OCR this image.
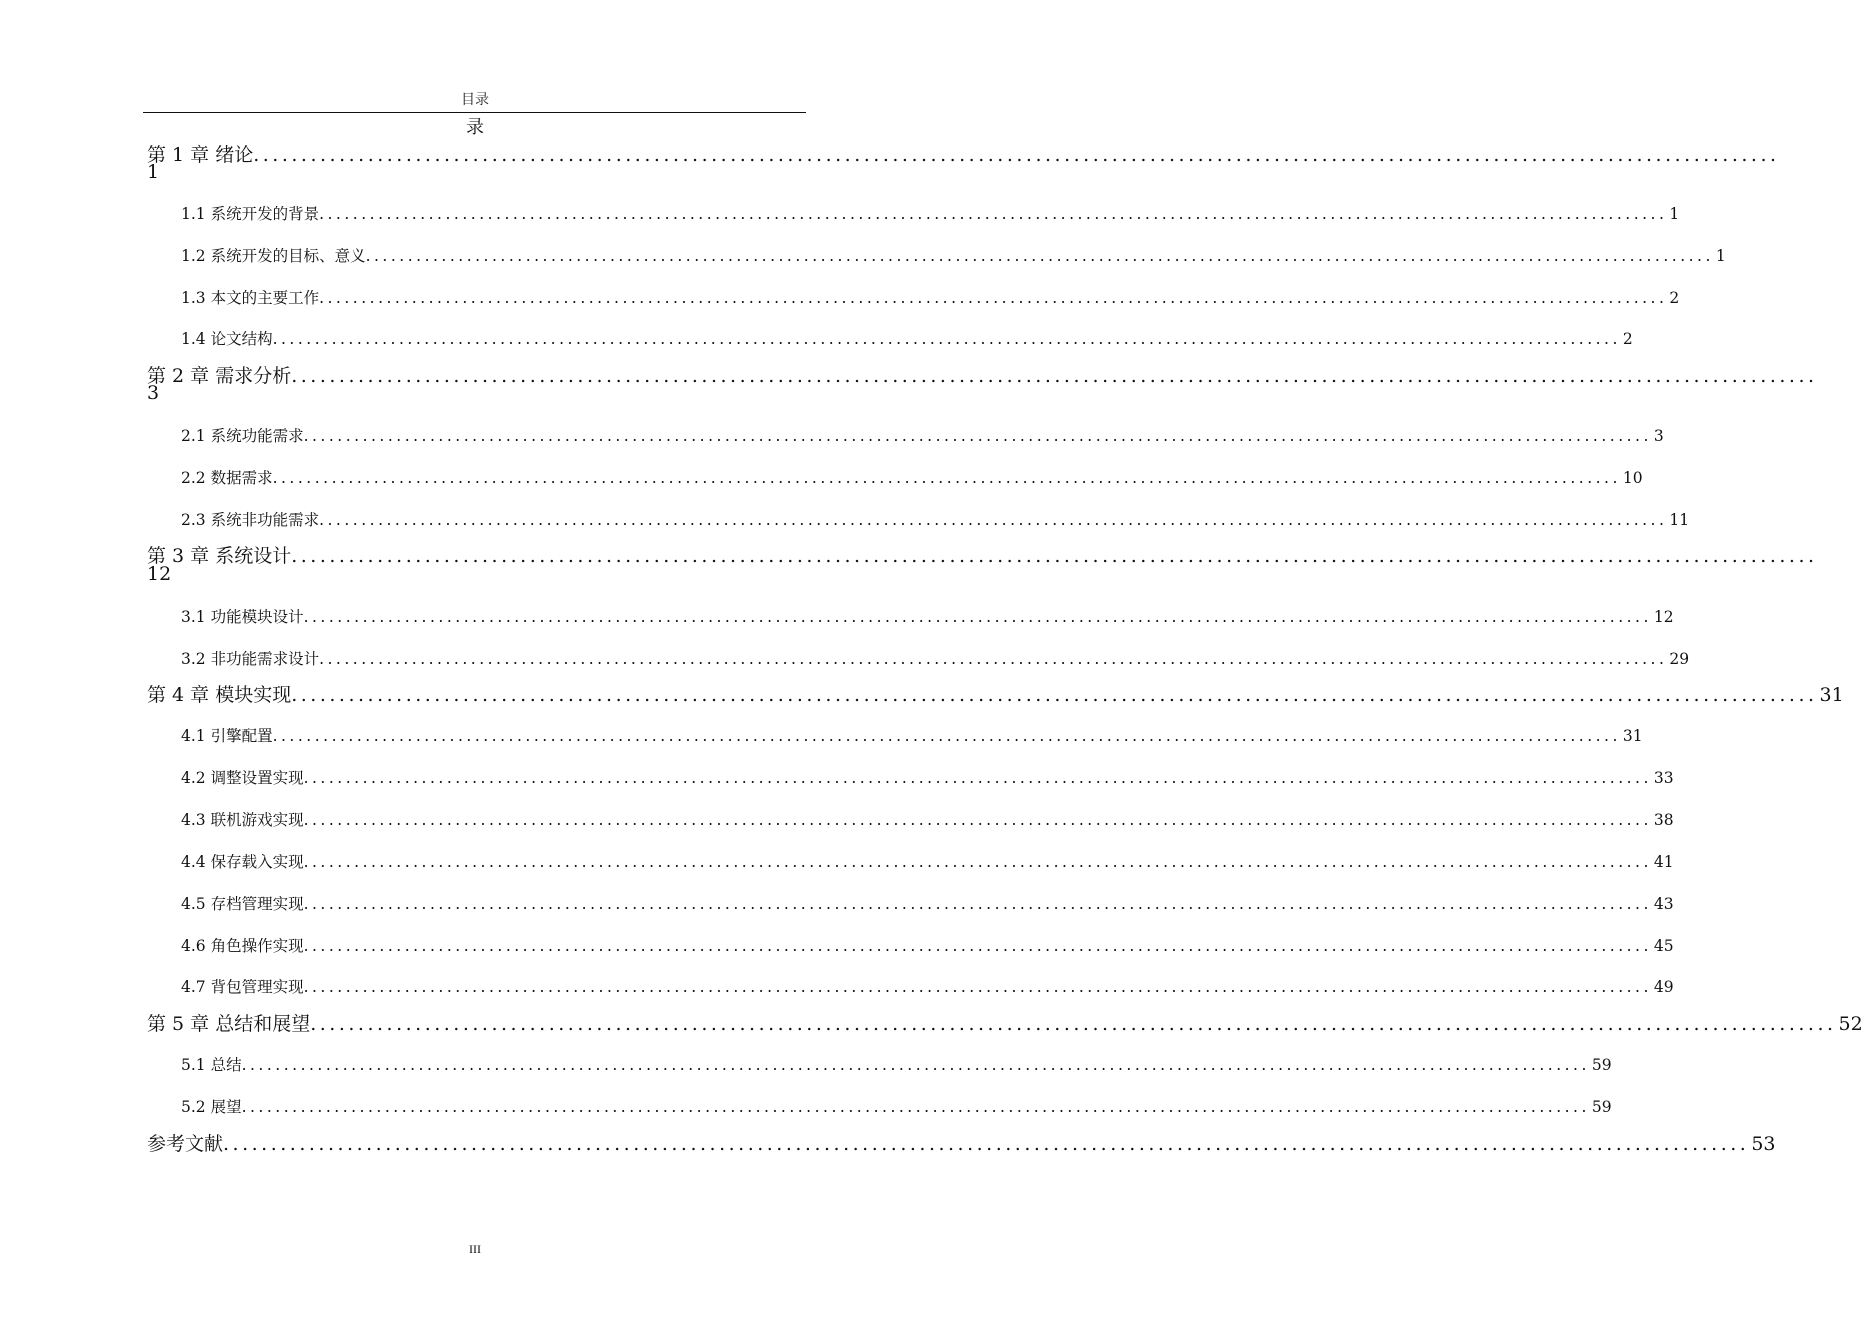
目录
录
第 1 章 绪论 ................................................................................................................................................................
1
1.1 系统开发的背景 ................................................................................................................................................................ 1
1.2 系统开发的目标、意义 ................................................................................................................................................................ 1
1.3 本文的主要工作 ................................................................................................................................................................ 2
1.4 论文结构 ................................................................................................................................................................ 2
第 2 章 需求分析 ................................................................................................................................................................
3
2.1 系统功能需求 ................................................................................................................................................................ 3
2.2 数据需求 ................................................................................................................................................................ 10
2.3 系统非功能需求 ................................................................................................................................................................ 11
第 3 章 系统设计 ................................................................................................................................................................
12
3.1 功能模块设计 ................................................................................................................................................................ 12
3.2 非功能需求设计 ................................................................................................................................................................ 29
第 4 章 模块实现 ................................................................................................................................................................ 31
4.1 引擎配置 ................................................................................................................................................................ 31
4.2 调整设置实现 ................................................................................................................................................................ 33
4.3 联机游戏实现 ................................................................................................................................................................ 38
4.4 保存载入实现 ................................................................................................................................................................ 41
4.5 存档管理实现 ................................................................................................................................................................ 43
4.6 角色操作实现 ................................................................................................................................................................ 45
4.7 背包管理实现 ................................................................................................................................................................ 49
第 5 章 总结和展望 ................................................................................................................................................................ 52
5.1 总结 ................................................................................................................................................................ 59
5.2 展望 ................................................................................................................................................................ 59
参考文献 ................................................................................................................................................................ 53
III
